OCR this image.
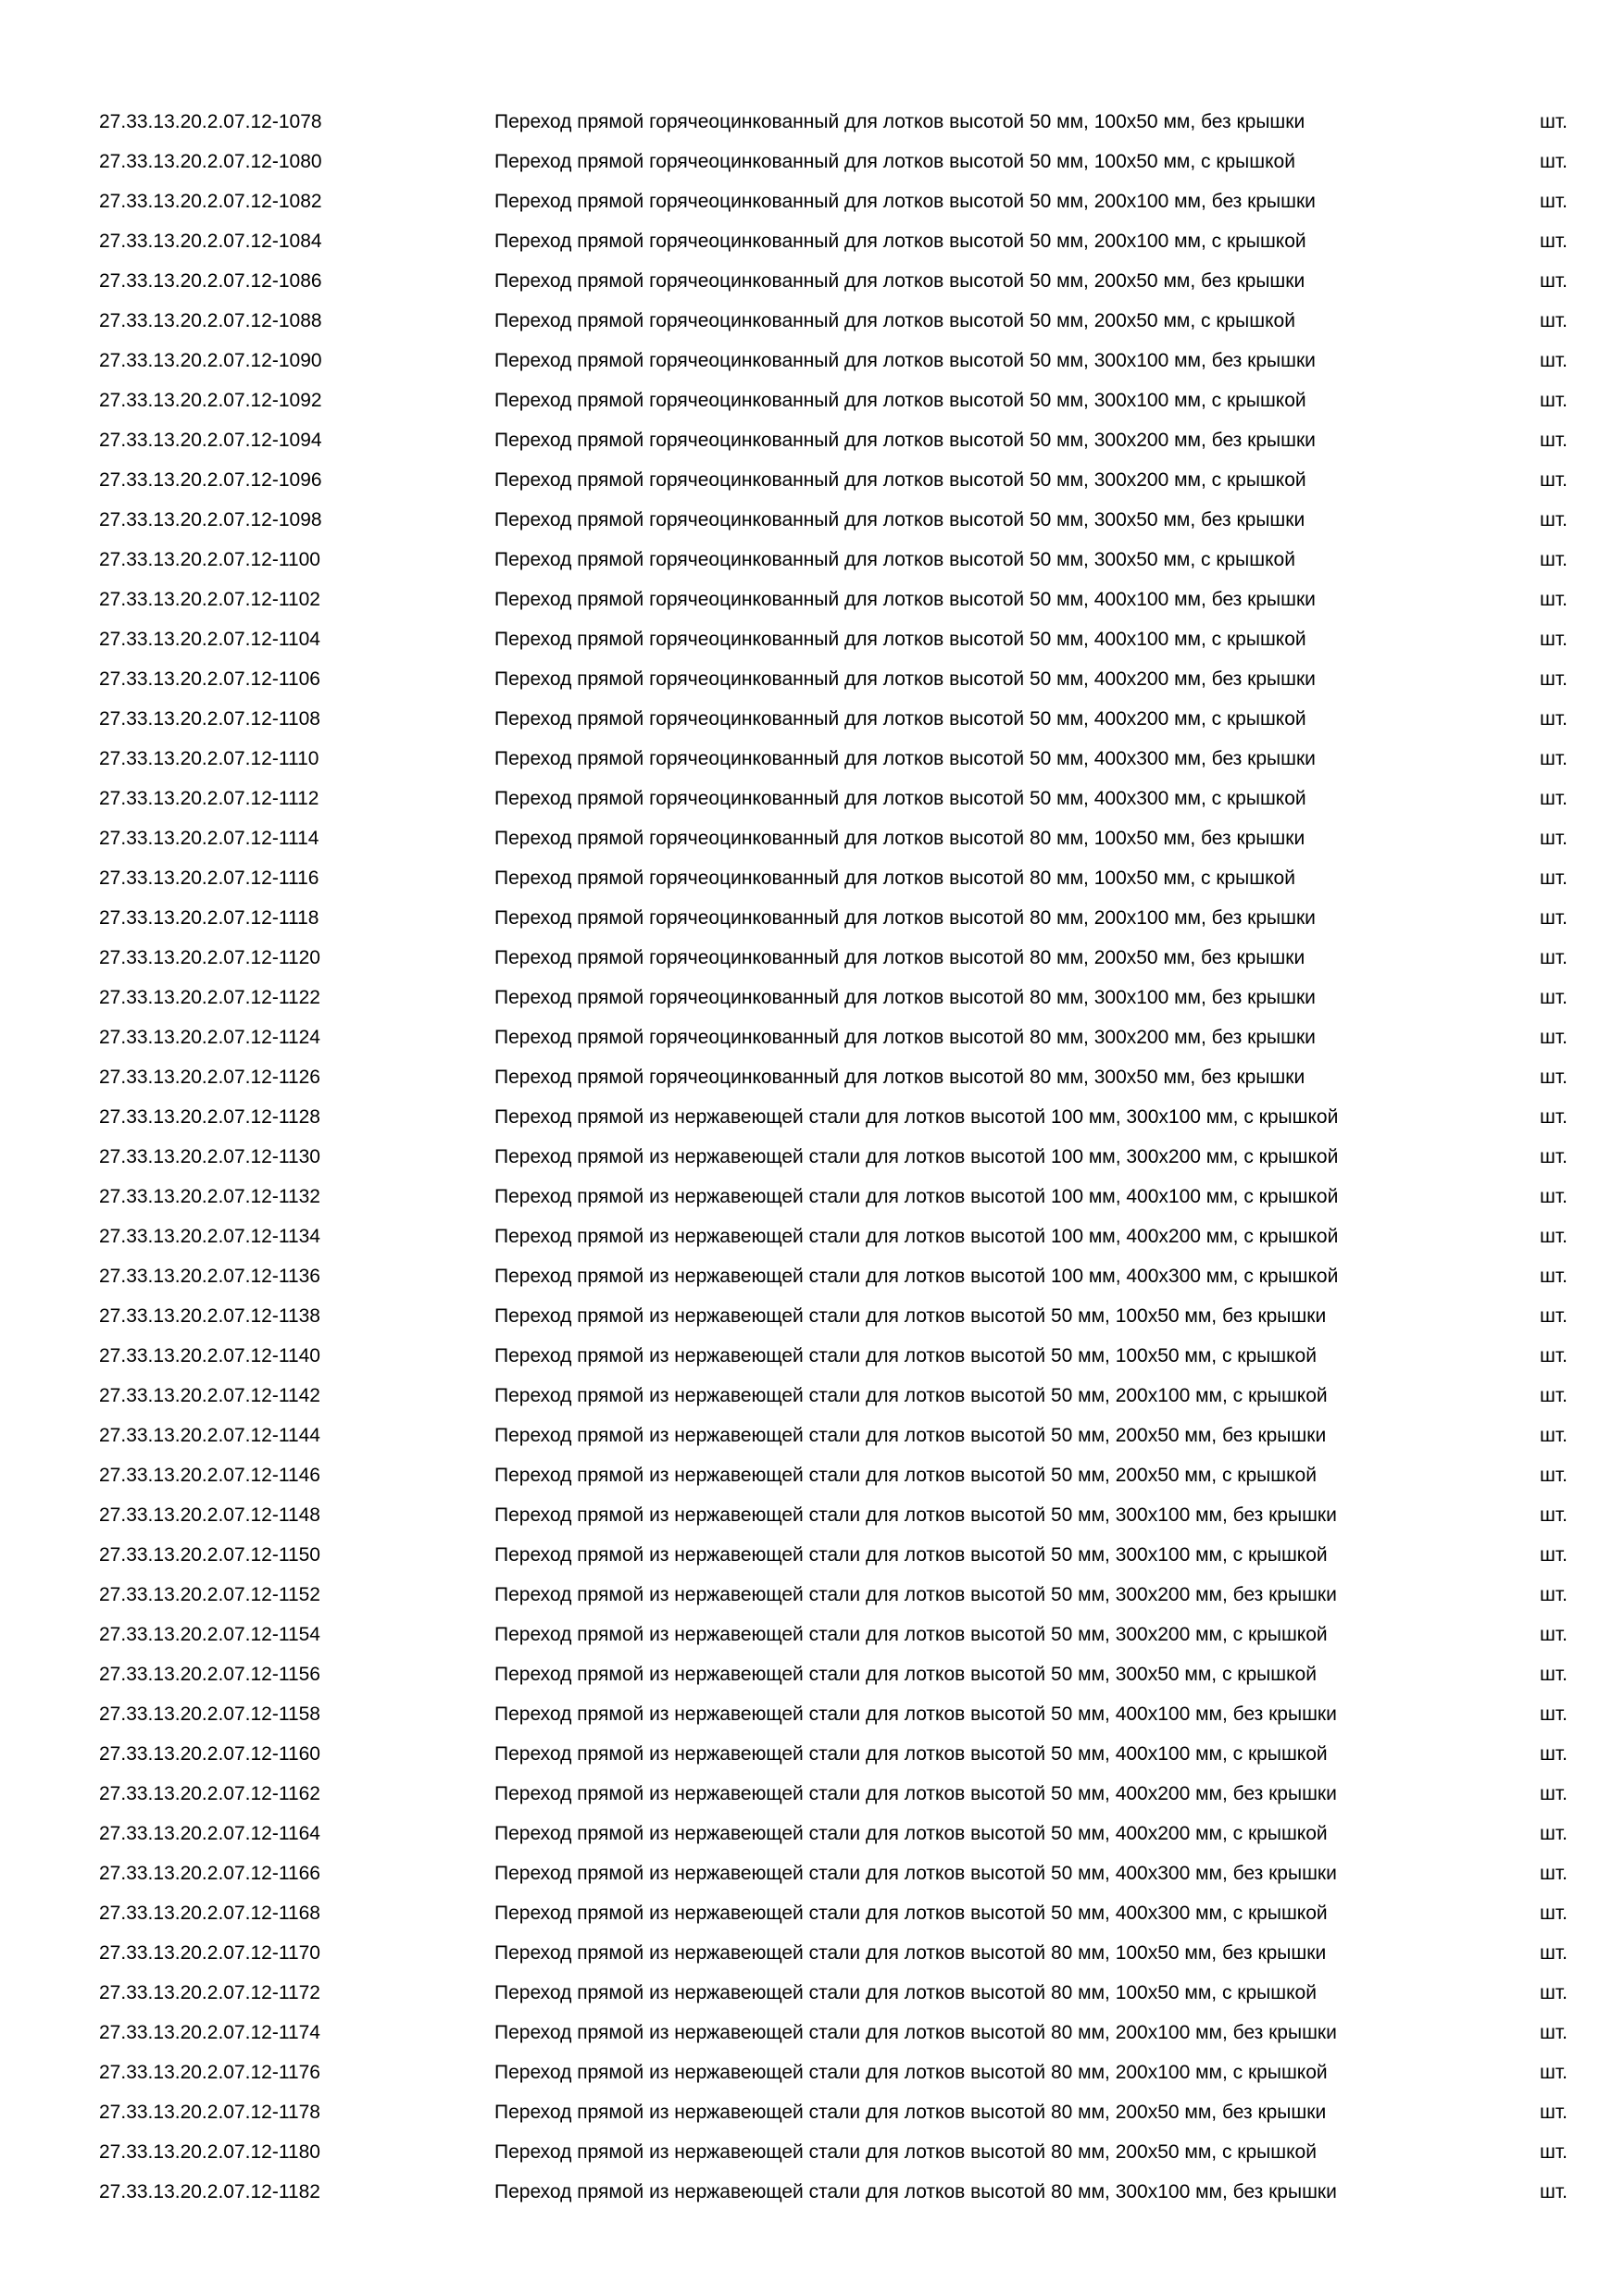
27.33.13.20.2.07.12-1078	Переход прямой горячеоцинкованный для лотков высотой 50 мм, 100x50 мм, без крышки	шт.
27.33.13.20.2.07.12-1080	Переход прямой горячеоцинкованный для лотков высотой 50 мм, 100x50 мм, с крышкой	шт.
27.33.13.20.2.07.12-1082	Переход прямой горячеоцинкованный для лотков высотой 50 мм, 200x100 мм, без крышки	шт.
27.33.13.20.2.07.12-1084	Переход прямой горячеоцинкованный для лотков высотой 50 мм, 200x100 мм, с крышкой	шт.
27.33.13.20.2.07.12-1086	Переход прямой горячеоцинкованный для лотков высотой 50 мм, 200x50 мм, без крышки	шт.
27.33.13.20.2.07.12-1088	Переход прямой горячеоцинкованный для лотков высотой 50 мм, 200x50 мм, с крышкой	шт.
27.33.13.20.2.07.12-1090	Переход прямой горячеоцинкованный для лотков высотой 50 мм, 300x100 мм, без крышки	шт.
27.33.13.20.2.07.12-1092	Переход прямой горячеоцинкованный для лотков высотой 50 мм, 300x100 мм, с крышкой	шт.
27.33.13.20.2.07.12-1094	Переход прямой горячеоцинкованный для лотков высотой 50 мм, 300x200 мм, без крышки	шт.
27.33.13.20.2.07.12-1096	Переход прямой горячеоцинкованный для лотков высотой 50 мм, 300x200 мм, с крышкой	шт.
27.33.13.20.2.07.12-1098	Переход прямой горячеоцинкованный для лотков высотой 50 мм, 300x50 мм, без крышки	шт.
27.33.13.20.2.07.12-1100	Переход прямой горячеоцинкованный для лотков высотой 50 мм, 300x50 мм, с крышкой	шт.
27.33.13.20.2.07.12-1102	Переход прямой горячеоцинкованный для лотков высотой 50 мм, 400x100 мм, без крышки	шт.
27.33.13.20.2.07.12-1104	Переход прямой горячеоцинкованный для лотков высотой 50 мм, 400x100 мм, с крышкой	шт.
27.33.13.20.2.07.12-1106	Переход прямой горячеоцинкованный для лотков высотой 50 мм, 400x200 мм, без крышки	шт.
27.33.13.20.2.07.12-1108	Переход прямой горячеоцинкованный для лотков высотой 50 мм, 400x200 мм, с крышкой	шт.
27.33.13.20.2.07.12-1110	Переход прямой горячеоцинкованный для лотков высотой 50 мм, 400x300 мм, без крышки	шт.
27.33.13.20.2.07.12-1112	Переход прямой горячеоцинкованный для лотков высотой 50 мм, 400x300 мм, с крышкой	шт.
27.33.13.20.2.07.12-1114	Переход прямой горячеоцинкованный для лотков высотой 80 мм, 100x50 мм, без крышки	шт.
27.33.13.20.2.07.12-1116	Переход прямой горячеоцинкованный для лотков высотой 80 мм, 100x50 мм, с крышкой	шт.
27.33.13.20.2.07.12-1118	Переход прямой горячеоцинкованный для лотков высотой 80 мм, 200x100 мм, без крышки	шт.
27.33.13.20.2.07.12-1120	Переход прямой горячеоцинкованный для лотков высотой 80 мм, 200x50 мм, без крышки	шт.
27.33.13.20.2.07.12-1122	Переход прямой горячеоцинкованный для лотков высотой 80 мм, 300x100 мм, без крышки	шт.
27.33.13.20.2.07.12-1124	Переход прямой горячеоцинкованный для лотков высотой 80 мм, 300x200 мм, без крышки	шт.
27.33.13.20.2.07.12-1126	Переход прямой горячеоцинкованный для лотков высотой 80 мм, 300x50 мм, без крышки	шт.
27.33.13.20.2.07.12-1128	Переход прямой из нержавеющей стали для лотков высотой 100 мм, 300x100 мм, с крышкой	шт.
27.33.13.20.2.07.12-1130	Переход прямой из нержавеющей стали для лотков высотой 100 мм, 300x200 мм, с крышкой	шт.
27.33.13.20.2.07.12-1132	Переход прямой из нержавеющей стали для лотков высотой 100 мм, 400x100 мм, с крышкой	шт.
27.33.13.20.2.07.12-1134	Переход прямой из нержавеющей стали для лотков высотой 100 мм, 400x200 мм, с крышкой	шт.
27.33.13.20.2.07.12-1136	Переход прямой из нержавеющей стали для лотков высотой 100 мм, 400x300 мм, с крышкой	шт.
27.33.13.20.2.07.12-1138	Переход прямой из нержавеющей стали для лотков высотой 50 мм, 100x50 мм, без крышки	шт.
27.33.13.20.2.07.12-1140	Переход прямой из нержавеющей стали для лотков высотой 50 мм, 100x50 мм, с крышкой	шт.
27.33.13.20.2.07.12-1142	Переход прямой из нержавеющей стали для лотков высотой 50 мм, 200x100 мм, с крышкой	шт.
27.33.13.20.2.07.12-1144	Переход прямой из нержавеющей стали для лотков высотой 50 мм, 200x50 мм, без крышки	шт.
27.33.13.20.2.07.12-1146	Переход прямой из нержавеющей стали для лотков высотой 50 мм, 200x50 мм, с крышкой	шт.
27.33.13.20.2.07.12-1148	Переход прямой из нержавеющей стали для лотков высотой 50 мм, 300x100 мм, без крышки	шт.
27.33.13.20.2.07.12-1150	Переход прямой из нержавеющей стали для лотков высотой 50 мм, 300x100 мм, с крышкой	шт.
27.33.13.20.2.07.12-1152	Переход прямой из нержавеющей стали для лотков высотой 50 мм, 300x200 мм, без крышки	шт.
27.33.13.20.2.07.12-1154	Переход прямой из нержавеющей стали для лотков высотой 50 мм, 300x200 мм, с крышкой	шт.
27.33.13.20.2.07.12-1156	Переход прямой из нержавеющей стали для лотков высотой 50 мм, 300x50 мм, с крышкой	шт.
27.33.13.20.2.07.12-1158	Переход прямой из нержавеющей стали для лотков высотой 50 мм, 400x100 мм, без крышки	шт.
27.33.13.20.2.07.12-1160	Переход прямой из нержавеющей стали для лотков высотой 50 мм, 400x100 мм, с крышкой	шт.
27.33.13.20.2.07.12-1162	Переход прямой из нержавеющей стали для лотков высотой 50 мм, 400x200 мм, без крышки	шт.
27.33.13.20.2.07.12-1164	Переход прямой из нержавеющей стали для лотков высотой 50 мм, 400x200 мм, с крышкой	шт.
27.33.13.20.2.07.12-1166	Переход прямой из нержавеющей стали для лотков высотой 50 мм, 400x300 мм, без крышки	шт.
27.33.13.20.2.07.12-1168	Переход прямой из нержавеющей стали для лотков высотой 50 мм, 400x300 мм, с крышкой	шт.
27.33.13.20.2.07.12-1170	Переход прямой из нержавеющей стали для лотков высотой 80 мм, 100x50 мм, без крышки	шт.
27.33.13.20.2.07.12-1172	Переход прямой из нержавеющей стали для лотков высотой 80 мм, 100x50 мм, с крышкой	шт.
27.33.13.20.2.07.12-1174	Переход прямой из нержавеющей стали для лотков высотой 80 мм, 200x100 мм, без крышки	шт.
27.33.13.20.2.07.12-1176	Переход прямой из нержавеющей стали для лотков высотой 80 мм, 200x100 мм, с крышкой	шт.
27.33.13.20.2.07.12-1178	Переход прямой из нержавеющей стали для лотков высотой 80 мм, 200x50 мм, без крышки	шт.
27.33.13.20.2.07.12-1180	Переход прямой из нержавеющей стали для лотков высотой 80 мм, 200x50 мм, с крышкой	шт.
27.33.13.20.2.07.12-1182	Переход прямой из нержавеющей стали для лотков высотой 80 мм, 300x100 мм, без крышки	шт.
